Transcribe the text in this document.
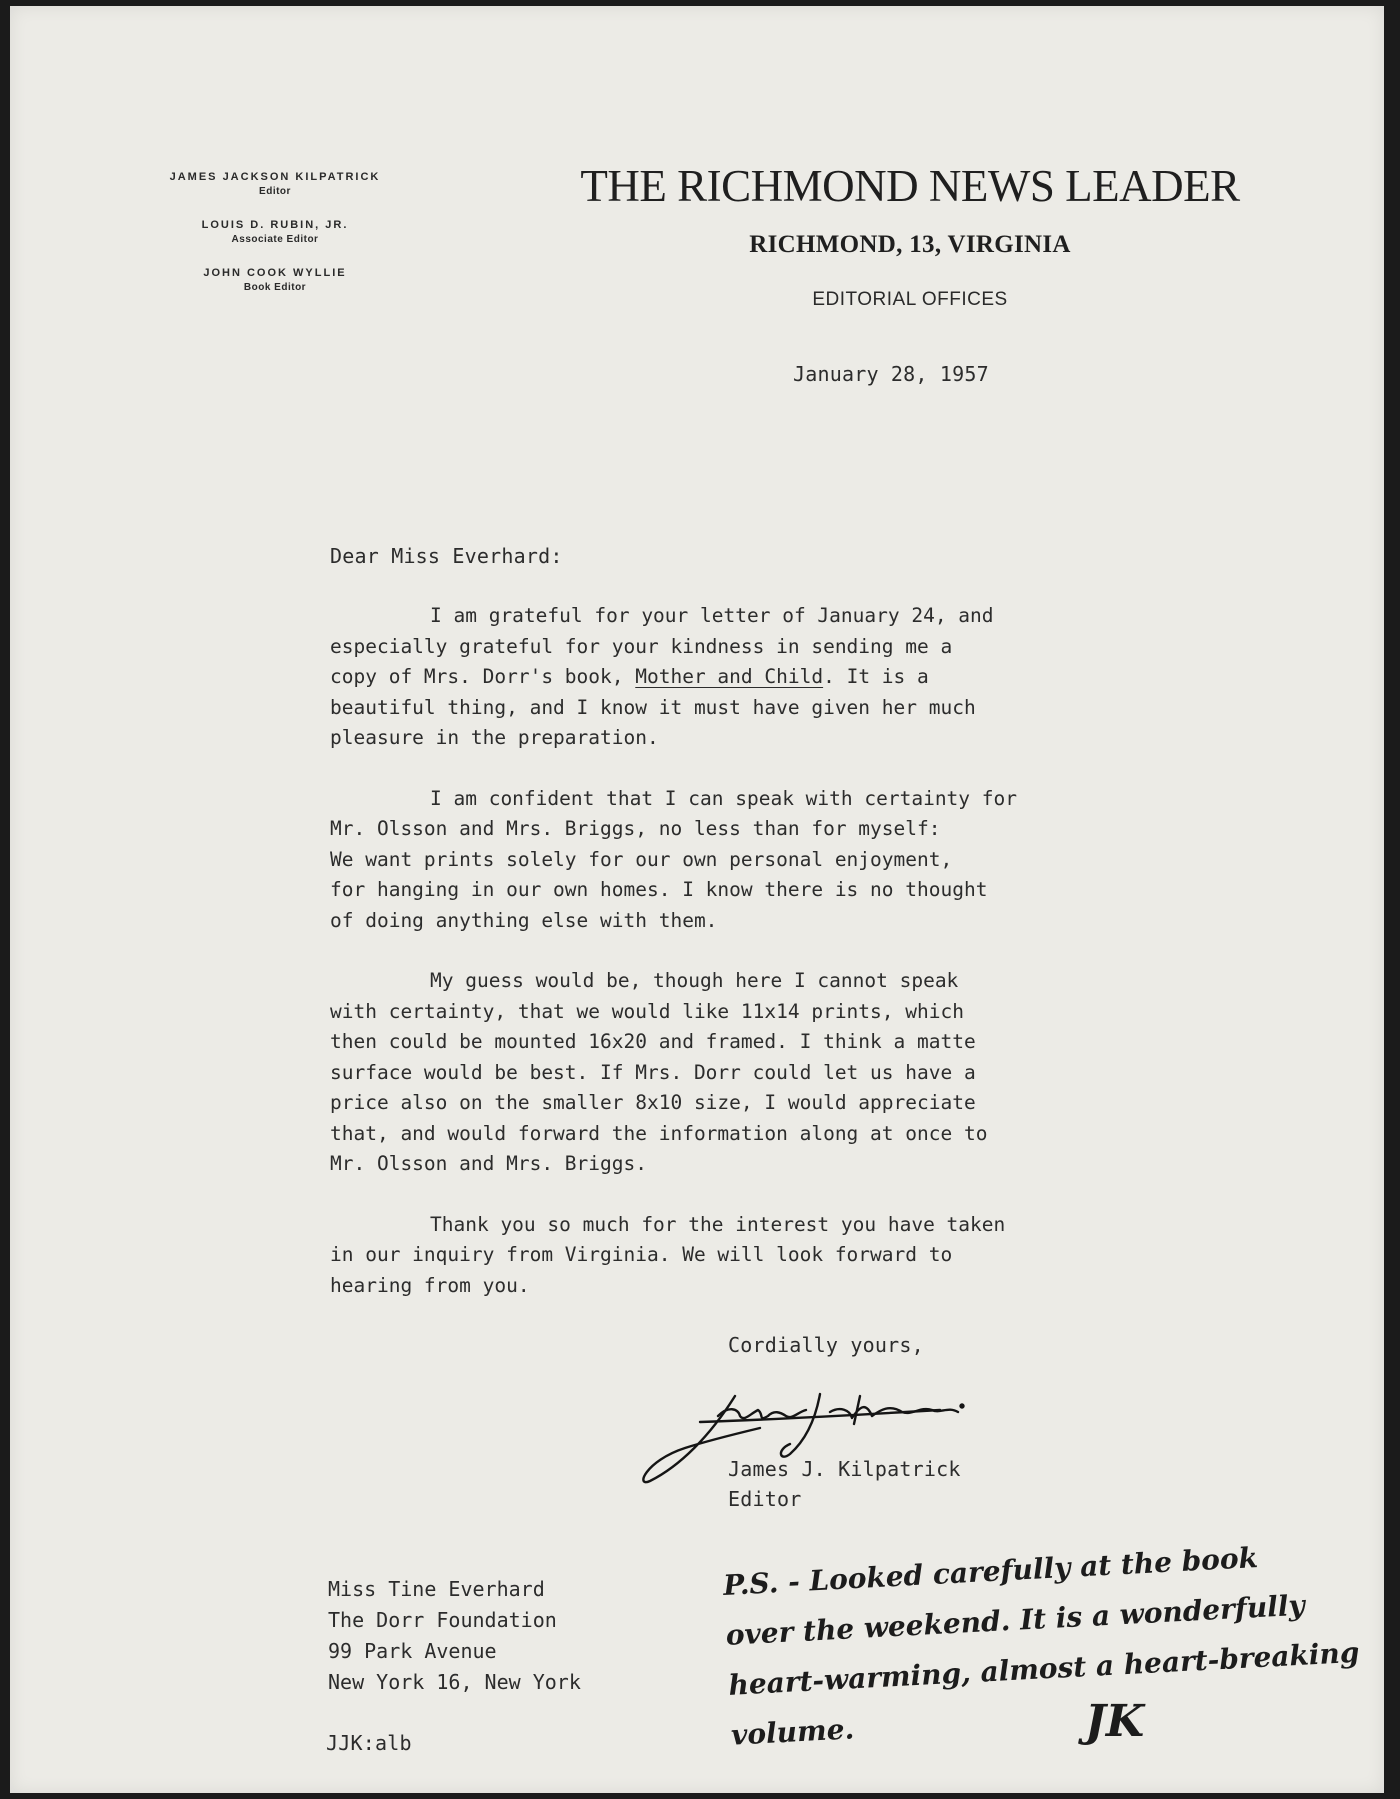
JAMES JACKSON KILPATRICK
Editor
LOUIS D. RUBIN, JR.
Associate Editor
JOHN COOK WYLLIE
Book Editor
THE RICHMOND NEWS LEADER
RICHMOND, 13, VIRGINIA
EDITORIAL OFFICES
January 28, 1957
Dear Miss Everhard:

I am grateful for your letter of January 24, and
especially grateful for your kindness in sending me a
copy of Mrs. Dorr's book, Mother and Child. It is a
beautiful thing, and I know it must have given her much
pleasure in the preparation.

I am confident that I can speak with certainty for
Mr. Olsson and Mrs. Briggs, no less than for myself:
We want prints solely for our own personal enjoyment,
for hanging in our own homes. I know there is no thought
of doing anything else with them.

My guess would be, though here I cannot speak
with certainty, that we would like 11x14 prints, which
then could be mounted 16x20 and framed. I think a matte
surface would be best. If Mrs. Dorr could let us have a
price also on the smaller 8x10 size, I would appreciate
that, and would forward the information along at once to
Mr. Olsson and Mrs. Briggs.

Thank you so much for the interest you have taken
in our inquiry from Virginia. We will look forward to
hearing from you.

Cordially yours,
James J. Kilpatrick
Editor
Miss Tine Everhard
The Dorr Foundation
99 Park Avenue
New York 16, New York
JJK:alb
P.S. - Looked carefully at the book
over the weekend. It is a wonderfully
heart-warming, almost a heart-breaking
volume.	JK
